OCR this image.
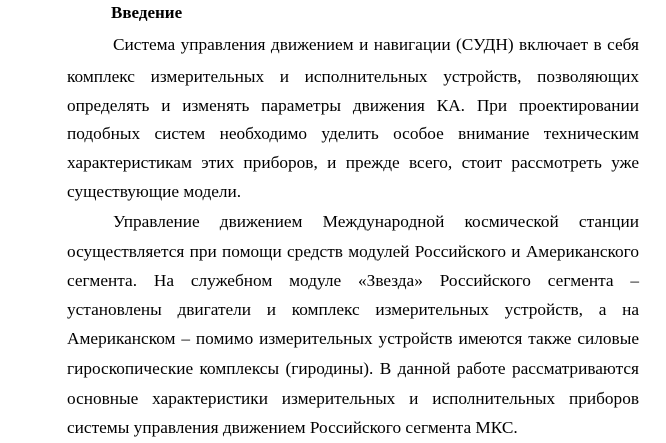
Введение

Система управления движением и навигации (СУДН) включает в себя

комплекс измерительных и исполнительных устройств, позволяющих

определять и изменять параметры движения КА. При проектировании

подобных систем необходимо уделить особое внимание техническим

характеристикам этих приборов, и прежде всего, стоит рассмотреть уже

существующие модели.

Управление движением Международной космической станции

осуществляется при помощи средств модулей Российского и Американского

сегмента. На служебном модуле «Звезда» Российского сегмента –

установлены двигатели и комплекс измерительных устройств, а на

Американском – помимо измерительных устройств имеются также силовые

гироскопические комплексы (гиродины). В данной работе рассматриваются

основные характеристики измерительных и исполнительных приборов

системы управления движением Российского сегмента МКС.
